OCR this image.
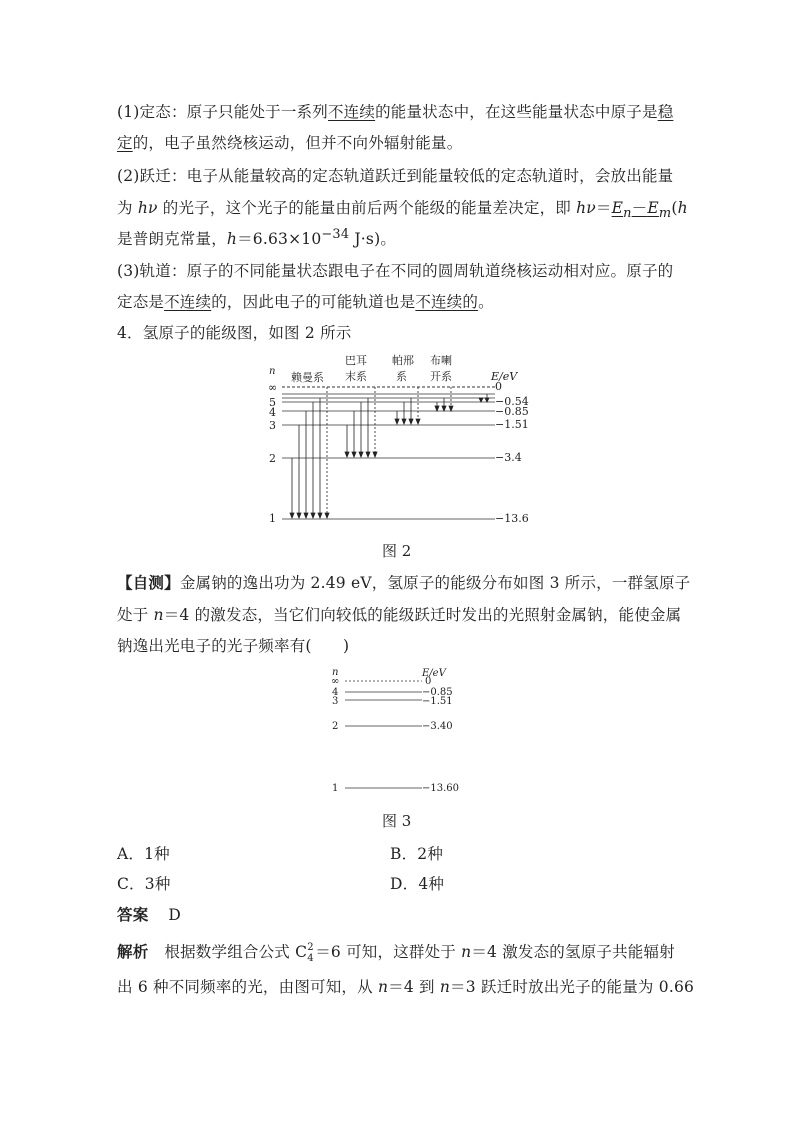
(1)定态：原子只能处于一系列不连续的能量状态中，在这些能量状态中原子是稳
定的，电子虽然绕核运动，但并不向外辐射能量。
(2)跃迁：电子从能量较高的定态轨道跃迁到能量较低的定态轨道时，会放出能量
为 hν 的光子，这个光子的能量由前后两个能级的能量差决定，即 $h\nu=E_n-E_m(h$
是普朗克常量，$h=6.63\times 10^{-34}$ J·s)。
(3)轨道：原子的不同能量状态跟电子在不同的圆周轨道绕核运动相对应。原子的
定态是不连续的，因此电子的可能轨道也是不连续的。
4．氢原子的能级图，如图 2 所示
n 赖曼系
巴耳
末系
帕邢
系
布喇
开系	E/eV
∞
5
4
3
2
1
0
−0.54
−0.85
−1.51
−3.4
−13.6
图 2
【自测】金属钠的逸出功为 2.49 eV，氢原子的能级分布如图 3 所示，一群氢原子
处于 n＝4 的激发态，当它们向较低的能级跃迁时发出的光照射金属钠，能使金属
钠逸出光电子的光子频率有(　　)
n	E/eV
∞
4
3
2
1
0
−0.85
−1.51
−3.40
−13.60
图 3
A．1种	B．2种
C．3种	D．4种
答案 D
解析 根据数学组合公式 C 2
4 ＝6 可知，这群处于 n＝4 激发态的氢原子共能辐射
出 6 种不同频率的光，由图可知，从 n＝4 到 n＝3 跃迁时放出光子的能量为 0.66
